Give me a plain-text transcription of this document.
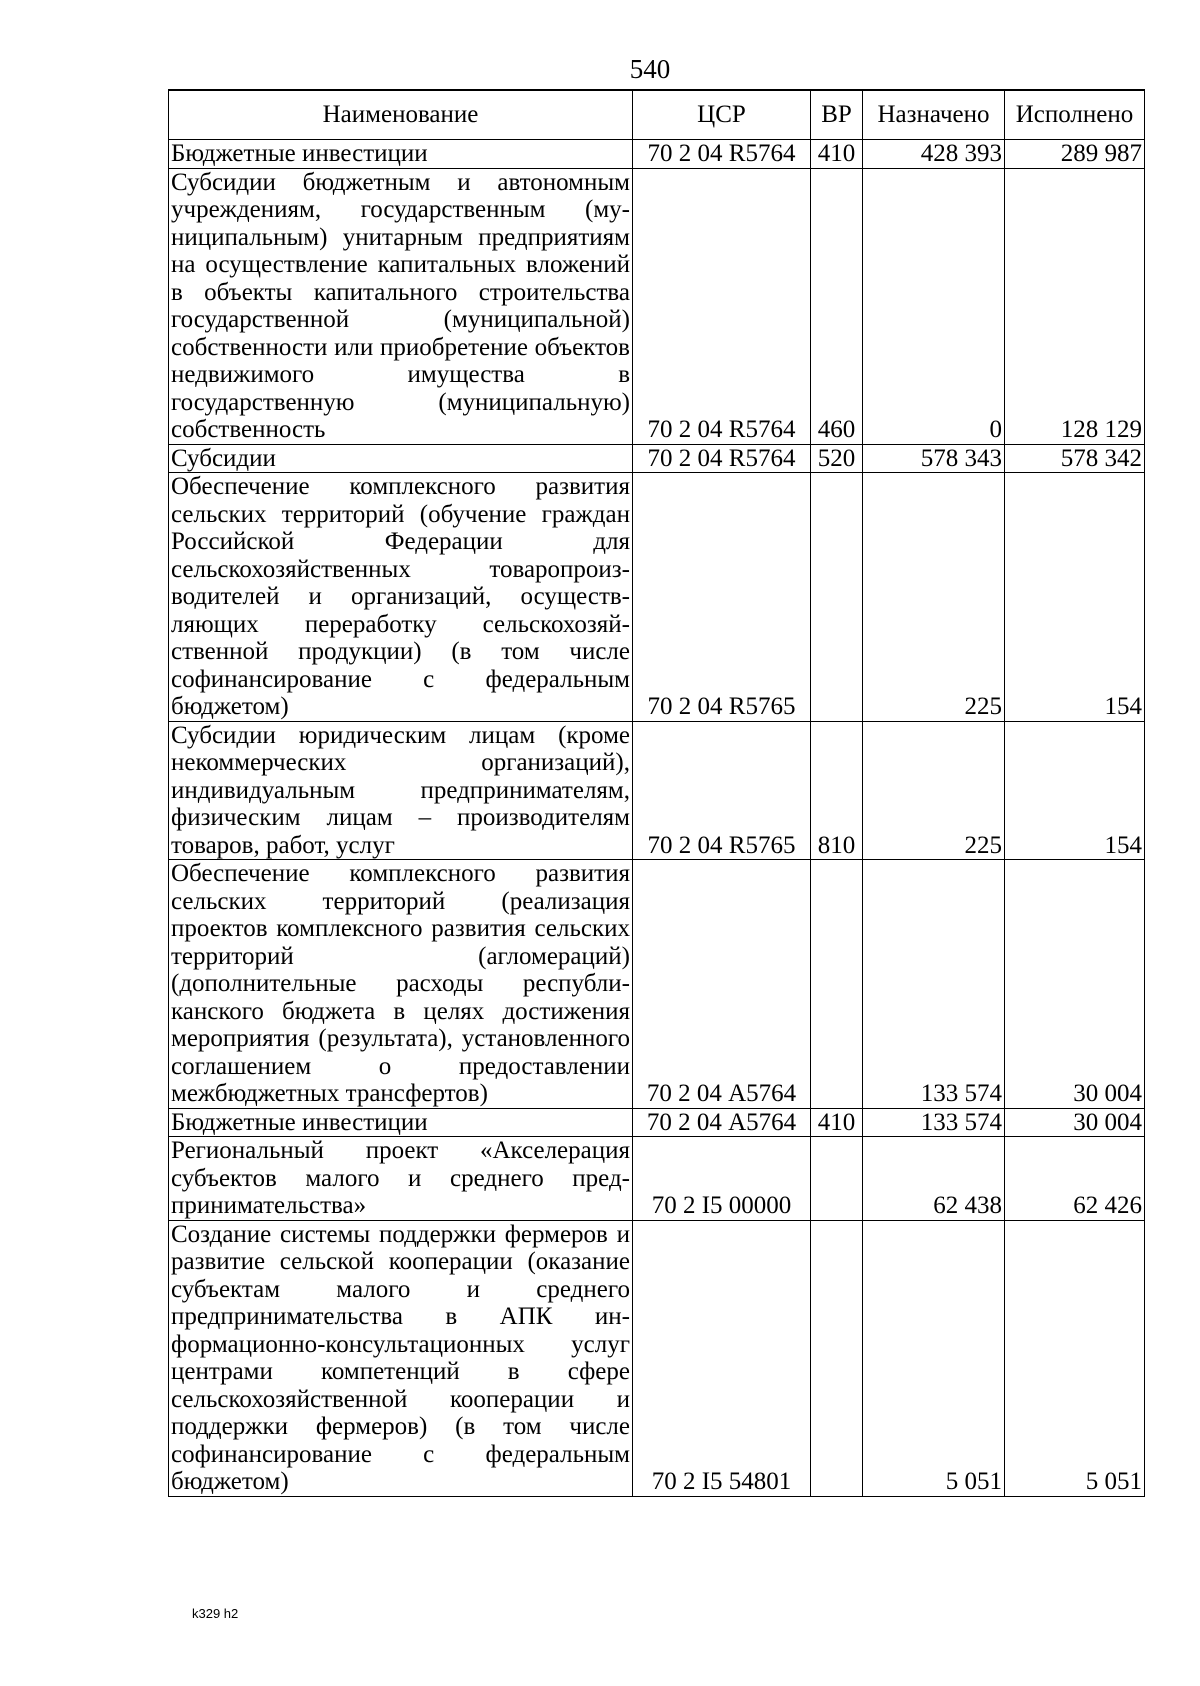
540
Наименование	ЦСР	ВР	Назначено	Исполнено
Бюджетные инвестиции	70 2 04 R5764	410	428 393	289 987
Субсидии бюджетным и автономным учреждениям, государственным (муниципальным) унитарным предприятиям на осуществление капитальных вложений в объекты капитального строительства государственной (муниципальной) собственности или приобретение объектов недвижимого имущества в государственную (муниципальную) собственность	70 2 04 R5764	460	0	128 129
Субсидии	70 2 04 R5764	520	578 343	578 342
Обеспечение комплексного развития сельских территорий (обучение граждан Российской Федерации для сельскохозяйственных товаропроизводителей и организаций, осуществляющих переработку сельскохозяйственной продукции) (в том числе софинансирование с федеральным бюджетом)	70 2 04 R5765		225	154
Субсидии юридическим лицам (кроме некоммерческих организаций), индивидуальным предпринимателям, физическим лицам – производителям товаров, работ, услуг	70 2 04 R5765	810	225	154
Обеспечение комплексного развития сельских территорий (реализация проектов комплексного развития сельских территорий (агломераций) (дополнительные расходы республиканского бюджета в целях достижения мероприятия (результата), установленного соглашением о предоставлении межбюджетных трансфертов)	70 2 04 А5764		133 574	30 004
Бюджетные инвестиции	70 2 04 А5764	410	133 574	30 004
Региональный проект «Акселерация субъектов малого и среднего предпринимательства»	70 2 I5 00000		62 438	62 426
Создание системы поддержки фермеров и развитие сельской кооперации (оказание субъектам малого и среднего предпринимательства в АПК информационно-консультационных услуг центрами компетенций в сфере сельскохозяйственной кооперации и поддержки фермеров) (в том числе софинансирование с федеральным бюджетом)	70 2 I5 54801		5 051	5 051
k329 h2
